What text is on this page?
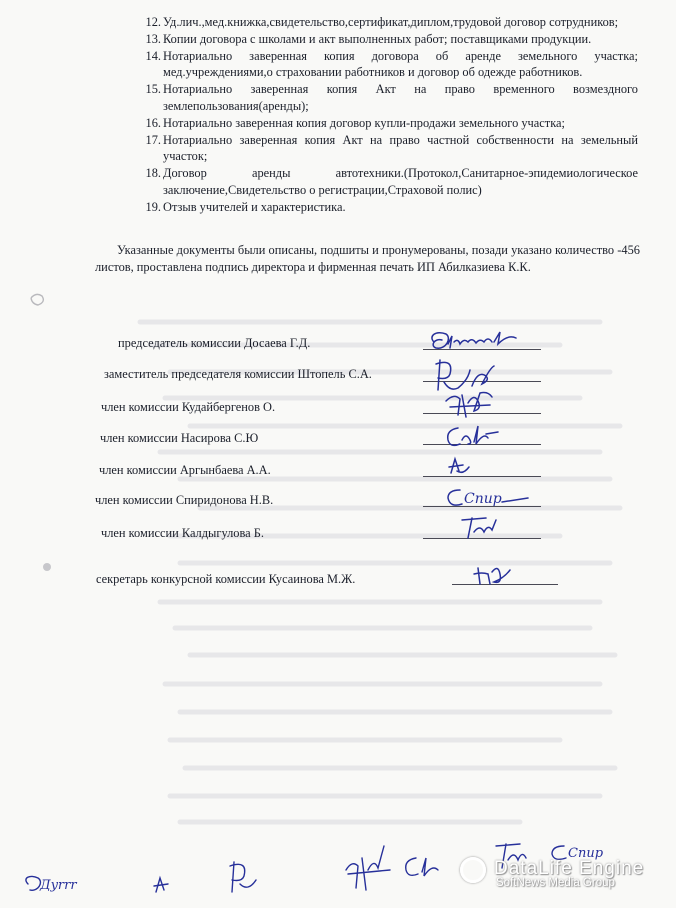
12. Уд.лич.,мед.книжка,свидетельство,сертификат,диплом,трудовой договор сотрудников;
13. Копии договора с школами и акт выполненных работ; поставщиками продукции.
14. Нотариально заверенная копия договора об аренде земельного участка; мед.учреждениями,о страховании работников и договор об одежде работников.
15. Нотариально заверенная копия Акт на право временного возмездного землепользования(аренды);
16. Нотариально заверенная копия договор купли-продажи земельного участка;
17. Нотариально заверенная копия Акт на право частной собственности на земельный участок;
18. Договор аренды автотехники.(Протокол,Санитарное-эпидемиологическое заключение,Свидетельство о регистрации,Страховой полис)
19. Отзыв учителей и характеристика.

Указанные документы были описаны, подшиты и пронумерованы, позади указано количество -456 листов, проставлена подпись директора и фирменная печать ИП Абилказиева К.К.

председатель комиссии Досаева Г.Д.
заместитель председателя комиссии Штопель С.А.
член комиссии Кудайбергенов О.
член комиссии Насирова С.Ю
член комиссии Аргынбаева А.А.
член комиссии Спиридонова Н.В.
член комиссии Калдыгулова Б.
секретарь конкурсной комиссии Кусаинова М.Ж.
Спир
Дyrrr
Спир
DataLife Engine
SoftNews Media Group
